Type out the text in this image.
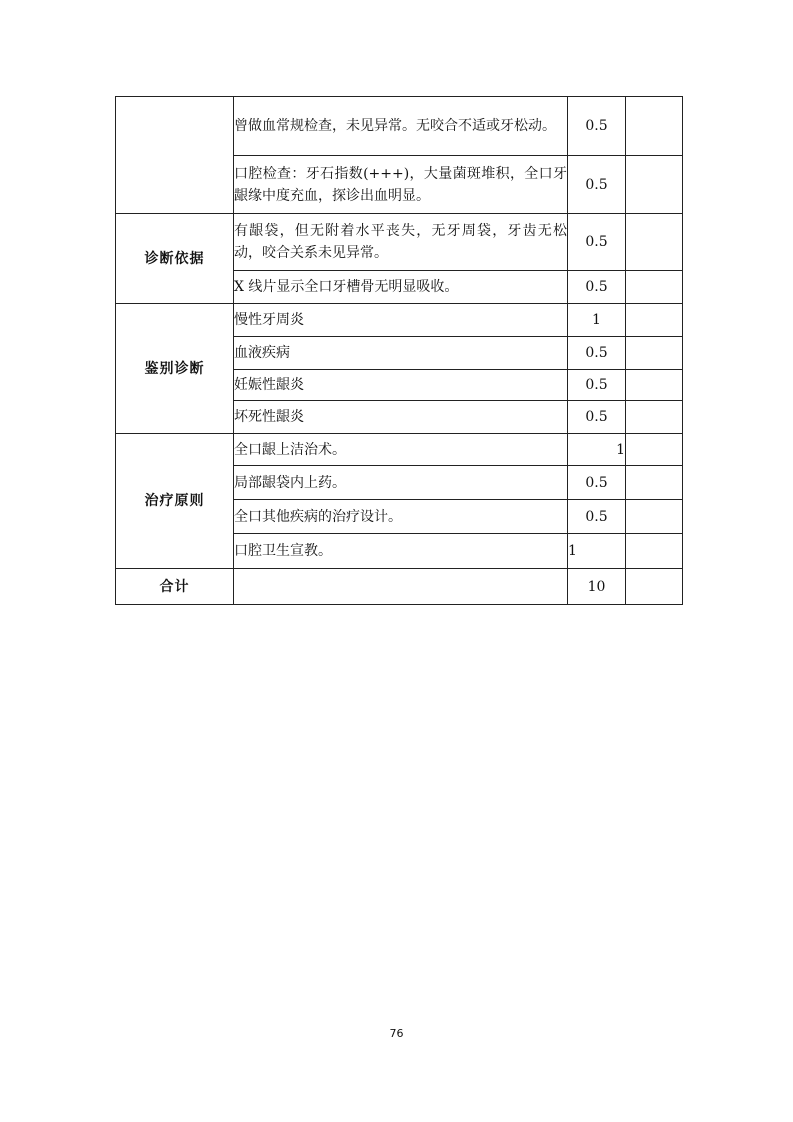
	曾做血常规检查，未见异常。无咬合不适或牙松动。	0.5	
	口腔检查：牙石指数(+++)，大量菌斑堆积，全口牙龈缘中度充血，探诊出血明显。	0.5	
诊断依据	有龈袋，但无附着水平丧失，无牙周袋，牙齿无松动，咬合关系未见异常。	0.5	
	X 线片显示全口牙槽骨无明显吸收。	0.5	
鉴别诊断	慢性牙周炎	1	
	血液疾病	0.5	
	妊娠性龈炎	0.5	
	坏死性龈炎	0.5	
治疗原则	全口龈上洁治术。	1	
	局部龈袋内上药。	0.5	
	全口其他疾病的治疗设计。	0.5	
	口腔卫生宣教。	1	
合计		10	
76
